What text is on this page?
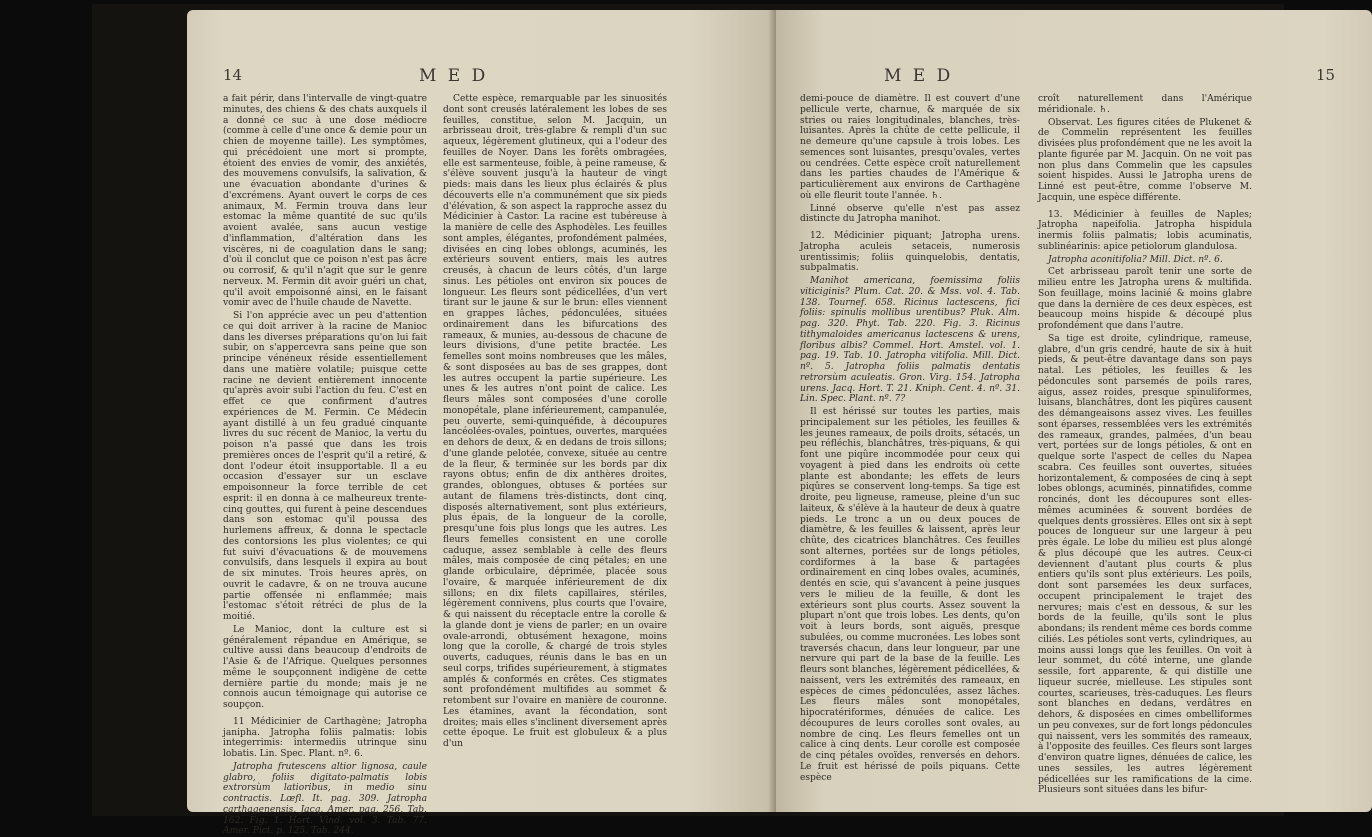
14	M E D

a fait périr, dans l'intervalle de vingt-quatre minutes, des chiens & des chats auxquels il a donné ce suc à une dose médiocre (comme à celle d'une once & demie pour un chien de moyenne taille). Les symptômes, qui précédoient une mort si prompte, étoient des envies de vomir, des anxiétés, des mouvemens convulsifs, la salivation, & une évacuation abondante d'urines & d'excrémens. Ayant ouvert le corps de ces animaux, M. Fermin trouva dans leur estomac la même quantité de suc qu'ils avoient avalée, sans aucun vestige d'inflammation, d'altération dans les viscères, ni de coagulation dans le sang; d'où il conclut que ce poison n'est pas âcre ou corrosif, & qu'il n'agit que sur le genre nerveux. M. Fermin dit avoir guéri un chat, qu'il avoit empoisonné ainsi, en le faisant vomir avec de l'huile chaude de Navette.

Si l'on apprécie avec un peu d'attention ce qui doit arriver à la racine de Manioc dans les diverses préparations qu'on lui fait subir, on s'appercevra sans peine que son principe vénéneux réside essentiellement dans une matière volatile; puisque cette racine ne devient entièrement innocente qu'après avoir subi l'action du feu. C'est en effet ce que confirment d'autres expériences de M. Fermin. Ce Médecin ayant distillé à un feu gradué cinquante livres du suc récent de Manioc, la vertu du poison n'a passé que dans les trois premières onces de l'esprit qu'il a retiré, & dont l'odeur étoit insupportable. Il a eu occasion d'essayer sur un esclave empoisonneur la force terrible de cet esprit: il en donna à ce malheureux trente-cinq gouttes, qui furent à peine descendues dans son estomac qu'il poussa des hurlemens affreux, & donna le spectacle des contorsions les plus violentes; ce qui fut suivi d'évacuations & de mouvemens convulsifs, dans lesquels il expira au bout de six minutes. Trois heures après, on ouvrit le cadavre, & on ne trouva aucune partie offensée ni enflammée; mais l'estomac s'étoit rétréci de plus de la moitié.

Le Manioc, dont la culture est si généralement répandue en Amérique, se cultive aussi dans beaucoup d'endroits de l'Asie & de l'Afrique. Quelques personnes même le soupçonnent indigène de cette dernière partie du monde; mais je ne connois aucun témoignage qui autorise ce soupçon.

11 Médicinier de Carthagène; Jatropha janipha. Jatropha foliis palmatis: lobis integerrimis: intermediis utrinque sinu lobatis. Lin. Spec. Plant. nº. 6.

Jatropha frutescens altior lignosa, caule glabro, foliis digitato-palmatis lobis extrorsùm latioribus, in medio sinu contractis. Lœfl. It. pag. 309. Jatropha carthagenensis. Jacq. Amer. pag. 256. Tab. 162. Fig. 1. Hort. Vind. vol. 3. Tab. 77. Amer. Pict. p. 125. Tab. 244.

Cette espèce, remarquable par les sinuosités dont sont creusés latéralement les lobes de ses feuilles, constitue, selon M. Jacquin, un arbrisseau droit, très-glabre & rempli d'un suc aqueux, légèrement glutineux, qui a l'odeur des feuilles de Noyer. Dans les forêts ombragées, elle est sarmenteuse, foible, à peine rameuse, & s'élève souvent jusqu'à la hauteur de vingt pieds: mais dans les lieux plus éclairés & plus découverts elle n'a communément que six pieds d'élévation, & son aspect la rapproche assez du Médicinier à Castor. La racine est tubéreuse à la manière de celle des Asphodèles. Les feuilles sont amples, élégantes, profondément palmées, divisées en cinq lobes oblongs, acuminés, les extérieurs souvent entiers, mais les autres creusés, à chacun de leurs côtés, d'un large sinus. Les pétioles ont environ six pouces de longueur. Les fleurs sont pédicellées, d'un vert tirant sur le jaune & sur le brun: elles viennent en grappes lâches, pédonculées, situées ordinairement dans les bifurcations des rameaux, & munies, au-dessous de chacune de leurs divisions, d'une petite bractée. Les femelles sont moins nombreuses que les mâles, & sont disposées au bas de ses grappes, dont les autres occupent la partie supérieure. Les unes & les autres n'ont point de calice. Les fleurs mâles sont composées d'une corolle monopétale, plane inférieurement, campanulée, peu ouverte, semi-quinquéfide, à découpures lancéolées-ovales, pointues, ouvertes, marquées en dehors de deux, & en dedans de trois sillons; d'une glande pelotée, convexe, située au centre de la fleur, & terminée sur les bords par dix rayons obtus; enfin de dix anthères droites, grandes, oblongues, obtuses & portées sur autant de filamens très-distincts, dont cinq, disposés alternativement, sont plus extérieurs, plus épais, de la longueur de la corolle, presqu'une fois plus longs que les autres. Les fleurs femelles consistent en une corolle caduque, assez semblable à celle des fleurs mâles, mais composée de cinq pétales; en une glande orbiculaire, déprimée, placée sous l'ovaire, & marquée inférieurement de dix sillons; en dix filets capillaires, stériles, légèrement connivens, plus courts que l'ovaire, & qui naissent du réceptacle entre la corolle & la glande dont je viens de parler; en un ovaire ovale-arrondi, obtusément hexagone, moins long que la corolle, & chargé de trois styles ouverts, caduques, réunis dans le bas en un seul corps, trifides supérieurement, à stigmates amplés & conformés en crêtes. Ces stigmates sont profondément multifides au sommet & retombent sur l'ovaire en manière de couronne. Les étamines, avant la fécondation, sont droites; mais elles s'inclinent diversement après cette époque. Le fruit est globuleux & a plus d'un

M E D	15

demi-pouce de diamètre. Il est couvert d'une pellicule verte, charnue, & marquée de six stries ou raies longitudinales, blanches, très-luisantes. Après la chûte de cette pellicule, il ne demeure qu'une capsule à trois lobes. Les semences sont luisantes, presqu'ovales, vertes ou cendrées. Cette espèce croît naturellement dans les parties chaudes de l'Amérique & particulièrement aux environs de Carthagène où elle fleurit toute l'année. ♄.

Linné observe qu'elle n'est pas assez distincte du Jatropha manihot.

12. Médicinier piquant; Jatropha urens. Jatropha aculeis setaceis, numerosis urentissimis; foliis quinquelobis, dentatis, subpalmatis.

Manihot americana, foemissima foliis viticiginis? Plum. Cat. 20. & Mss. vol. 4. Tab. 138. Tournef. 658. Ricinus lactescens, fici foliis: spinulis mollibus urentibus? Pluk. Alm. pag. 320. Phyt. Tab. 220. Fig. 3. Ricinus tithymaloides americanus lactescens & urens, floribus albis? Commel. Hort. Amstel. vol. 1. pag. 19. Tab. 10. Jatropha vitifolia. Mill. Dict. nº. 5. Jatropha foliis palmatis dentatis retrorsùm aculeatis. Gron. Virg. 154. Jatropha urens. Jacq. Hort. T. 21. Kniph. Cent. 4. nº. 31. Lin. Spec. Plant. nº. 7?

Il est hérissé sur toutes les parties, mais principalement sur les pétioles, les feuilles & les jeunes rameaux, de poils droits, sétacés, un peu réfléchis, blanchâtres, très-piquans, & qui font une piqûre incommodée pour ceux qui voyagent à pied dans les endroits où cette plante est abondante; les effets de leurs piqûres se conservent long-temps. Sa tige est droite, peu ligneuse, rameuse, pleine d'un suc laiteux, & s'élève à la hauteur de deux à quatre pieds. Le tronc a un ou deux pouces de diamètre, & les feuilles & laissent, après leur chûte, des cicatrices blanchâtres. Ces feuilles sont alternes, portées sur de longs pétioles, cordiformes à la base & partagées ordinairement en cinq lobes ovales, acuminés, dentés en scie, qui s'avancent à peine jusques vers le milieu de la feuille, & dont les extérieurs sont plus courts. Assez souvent la plupart n'ont que trois lobes. Les dents, qu'on voit à leurs bords, sont aiguës, presque subulées, ou comme mucronées. Les lobes sont traversés chacun, dans leur longueur, par une nervure qui part de la base de la feuille. Les fleurs sont blanches, légèrement pédicellées, & naissent, vers les extrémités des rameaux, en espèces de cimes pédonculées, assez lâches. Les fleurs mâles sont monopétales, hipocratériformes, dénuées de calice. Les découpures de leurs corolles sont ovales, au nombre de cinq. Les fleurs femelles ont un calice à cinq dents. Leur corolle est composée de cinq pétales ovoïdes, renversés en dehors. Le fruit est hérissé de poils piquans. Cette espèce

croît naturellement dans l'Amérique méridionale. ♄.

Observat. Les figures citées de Plukenet & de Commelin représentent les feuilles divisées plus profondément que ne les avoit la plante figurée par M. Jacquin. On ne voit pas non plus dans Commelin que les capsules soient hispides. Aussi le Jatropha urens de Linné est peut-être, comme l'observe M. Jacquin, une espèce différente.

13. Médicinier à feuilles de Naples; Jatropha napeifolia. Jatropha hispidula inermis foliis palmatis; lobis acuminatis, sublinéarinis: apice petiolorum glandulosa.

Jatropha aconitifolia? Mill. Dict. nº. 6.

Cet arbrisseau paroît tenir une sorte de milieu entre les Jatropha urens & multifida. Son feuillage, moins lacinié & moins glabre que dans la dernière de ces deux espèces, est beaucoup moins hispide & découpé plus profondément que dans l'autre.

Sa tige est droite, cylindrique, rameuse, glabre, d'un gris cendré, haute de six à huit pieds, & peut-être davantage dans son pays natal. Les pétioles, les feuilles & les pédoncules sont parsemés de poils rares, aigus, assez roides, presque spinuliformes, luisans, blanchâtres, dont les piqûres causent des démangeaisons assez vives. Les feuilles sont éparses, ressemblées vers les extrémités des rameaux, grandes, palmées, d'un beau vert, portées sur de longs pétioles, & ont en quelque sorte l'aspect de celles du Napea scabra. Ces feuilles sont ouvertes, situées horizontalement, & composées de cinq à sept lobes oblongs, acuminés, pinnatifides, comme roncinés, dont les découpures sont elles-mêmes acuminées & souvent bordées de quelques dents grossières. Elles ont six à sept pouces de longueur sur une largeur à peu près égale. Le lobe du milieu est plus alongé & plus découpé que les autres. Ceux-ci deviennent d'autant plus courts & plus entiers qu'ils sont plus extérieurs. Les poils, dont sont parsemées les deux surfaces, occupent principalement le trajet des nervures; mais c'est en dessous, & sur les bords de la feuille, qu'ils sont le plus abondans; ils rendent même ces bords comme ciliés. Les pétioles sont verts, cylindriques, au moins aussi longs que les feuilles. On voit à leur sommet, du côté interne, une glande sessile, fort apparente, & qui distille une liqueur sucrée, mielleuse. Les stipules sont courtes, scarieuses, très-caduques. Les fleurs sont blanches en dedans, verdâtres en dehors, & disposées en cimes ombelliformes un peu convexes, sur de fort longs pédoncules qui naissent, vers les sommités des rameaux, à l'opposite des feuilles. Ces fleurs sont larges d'environ quatre lignes, dénuées de calice, les unes sessiles, les autres légèrement pédicellées sur les ramifications de la cime. Plusieurs sont situées dans les bifur-
